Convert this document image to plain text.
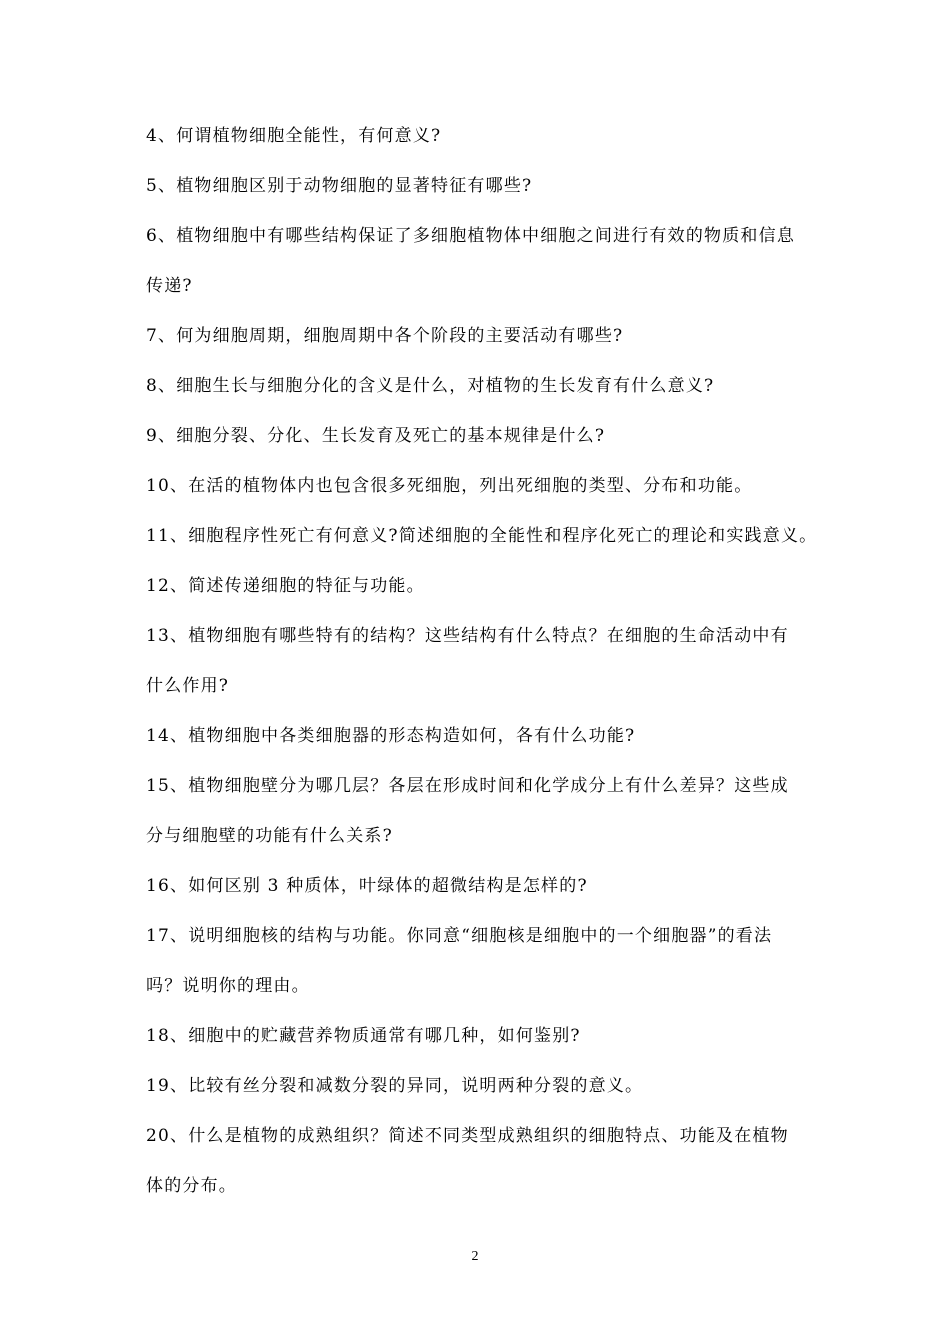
4、何谓植物细胞全能性，有何意义?
5、植物细胞区别于动物细胞的显著特征有哪些?
6、植物细胞中有哪些结构保证了多细胞植物体中细胞之间进行有效的物质和信息
传递?
7、何为细胞周期，细胞周期中各个阶段的主要活动有哪些?
8、细胞生长与细胞分化的含义是什么，对植物的生长发育有什么意义?
9、细胞分裂、分化、生长发育及死亡的基本规律是什么?
10、在活的植物体内也包含很多死细胞，列出死细胞的类型、分布和功能。
11、细胞程序性死亡有何意义?简述细胞的全能性和程序化死亡的理论和实践意义。
12、简述传递细胞的特征与功能。
13、植物细胞有哪些特有的结构？这些结构有什么特点？在细胞的生命活动中有
什么作用?
14、植物细胞中各类细胞器的形态构造如何，各有什么功能?
15、植物细胞壁分为哪几层？各层在形成时间和化学成分上有什么差异？这些成
分与细胞壁的功能有什么关系?
16、如何区别 3 种质体，叶绿体的超微结构是怎样的?
17、说明细胞核的结构与功能。你同意“细胞核是细胞中的一个细胞器”的看法
吗？说明你的理由。
18、细胞中的贮藏营养物质通常有哪几种，如何鉴别?
19、比较有丝分裂和减数分裂的异同，说明两种分裂的意义。
20、什么是植物的成熟组织？简述不同类型成熟组织的细胞特点、功能及在植物
体的分布。
2
